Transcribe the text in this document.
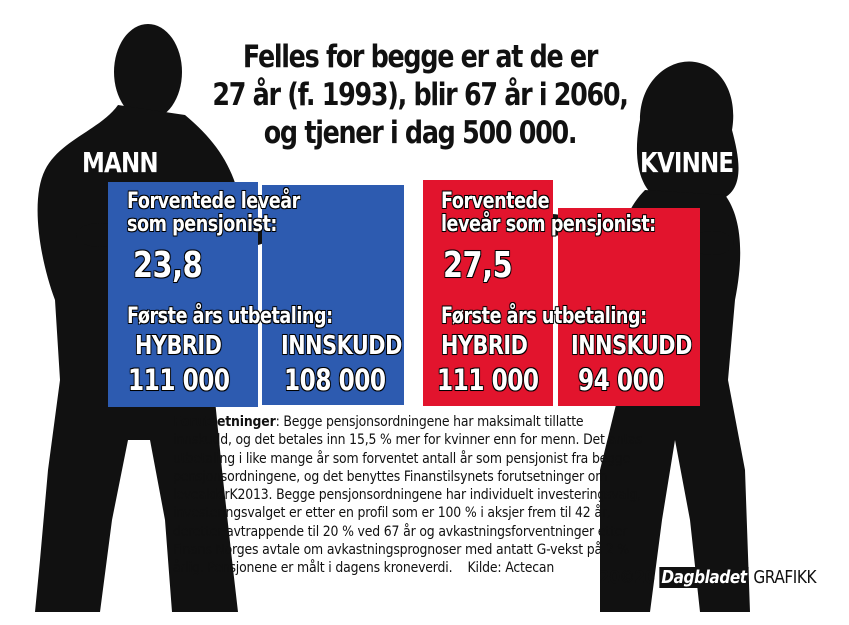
Felles for begge er at de er
27 år (f. 1993), blir 67 år i 2060,
og tjener i dag 500 000.
MANN	KVINNE
Forventede leveår
som pensjonist:
23,8
Første års utbetaling:
HYBRID
111 000
INNSKUDD
108 000
Forventede
leveår som pensjonist:
27,5
Første års utbetaling:
HYBRID
111 000
INNSKUDD
94 000
Forutsetninger: Begge pensjonsordningene har maksimalt tillatte
innskudd, og det betales inn 15,5 % mer for kvinner enn for menn. Det antas
utbetaling i like mange år som forventet antall år som pensjonist fra begge
pensjonsordningene, og det benyttes Finanstilsynets forutsetninger om
levealderK2013. Begge pensjonsordningene har individuelt investeringsvalg,
investeringsvalget er etter en profil som er 100 % i aksjer frem til 42 år,
deretter avtrappende til 20 % ved 67 år og avkastningsforventninger etter
Finans Norges avtale om avkastningsprognoser med antatt G-vekst på 2 %
årlig. Pensjonene er målt i dagens kroneverdi. Kilde: Actecan	20©20 Dagbladet GRAFIKK
